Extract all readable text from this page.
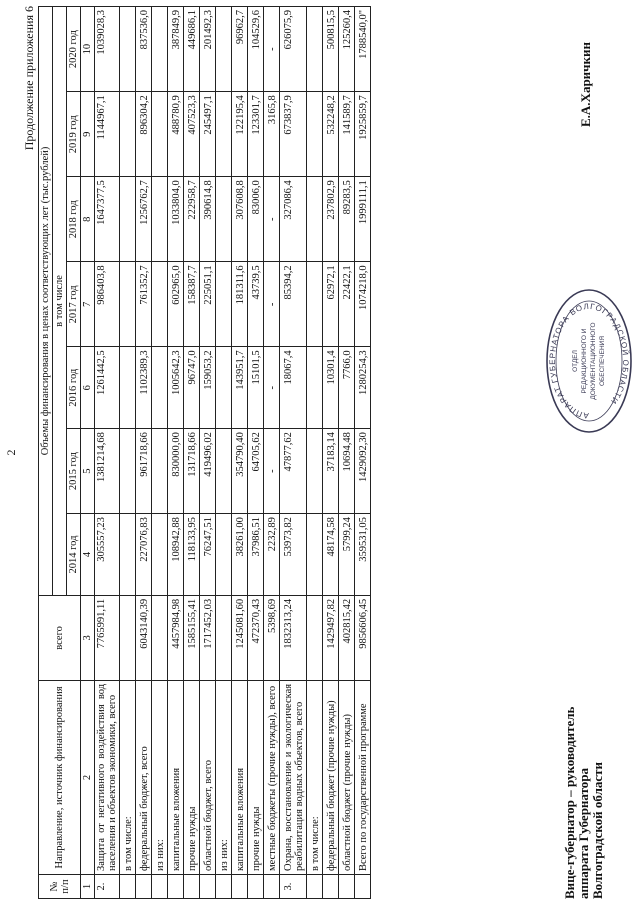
2
Продолжение приложения 6
№ п/п	Направление, источник финансирования	всего	Объемы финансирования в ценах соответствующих лет (тыс.рублей)						
			в том числе						
			2014 год	2015 год	2016 год	2017 год	2018 год	2019 год	2020 год
1	2	3	4	5	6	7	8	9	10
2.	Защита от негативного воздействия вод населения и объектов экономики, всего	7765991,11	305557,23	1381214,68	1261442,5	986403,8	1647377,5	1144967,1	1039028,3
	в том числе:								
	федеральный бюджет, всего	6043140,39	227076,83	961718,66	1102389,3	761352,7	1256762,7	896304,2	837536,0
	из них:								
	капитальные вложения	4457984,98	108942,88	830000,00	1005642,3	602965,0	1033804,0	488780,9	387849,9
	прочие нужды	1585155,41	118133,95	131718,66	96747,0	158387,7	222958,7	407523,3	449686,1
	областной бюджет, всего	1717452,03	76247,51	419496,02	159053,2	225051,1	390614,8	245497,1	201492,3
	из них:								
	капитальные вложения	1245081,60	38261,00	354790,40	143951,7	181311,6	307608,8	122195,4	96962,7
	прочие нужды	472370,43	37986,51	64705,62	15101,5	43739,5	83006,0	123301,7	104529,6
	местные бюджеты (прочие нужды), всего	5398,69	2232,89	-	-	-	-	3165,8	-
3.	Охрана, восстановление и экологическая реабилитация водных объектов, всего	1832313,24	53973,82	47877,62	18067,4	85394,2	327086,4	673837,9	626075,9
	в том числе:								
	федеральный бюджет (прочие нужды)	1429497,82	48174,58	37183,14	10301,4	62972,1	237802,9	532248,2	500815,5
	областной бюджет (прочие нужды)	402815,42	5799,24	10694,48	7766,0	22422,1	89283,5	141589,7	125260,4
	Всего по государственной программе	9856606,45	359531,05	1429092,30	1280254,3	1074218,0	1999111,1	1925859,7	1788540,0"
Вице-губернатор – руководитель аппарата Губернатора Волгоградской области
Е.А.Харичкин
АППАРАТ ГУБЕРНАТОРА ВОЛГОГРАДСКОЙ ОБЛАСТИ
ОТДЕЛ РЕДАКЦИОННОГО И ДОКУМЕНТАЦИОННОГО ОБЕСПЕЧЕНИЯ
